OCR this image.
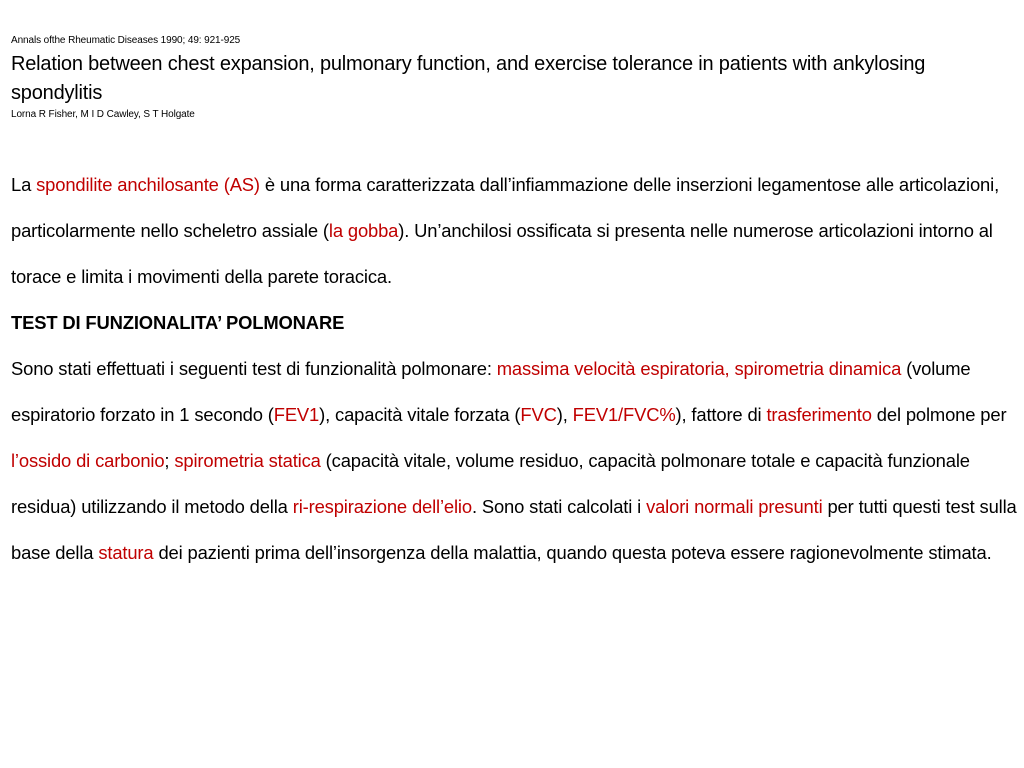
Annals ofthe Rheumatic Diseases 1990; 49: 921-925

Relation between chest expansion, pulmonary function, and exercise tolerance in patients with ankylosing spondylitis

Lorna R Fisher, M I D Cawley, S T Holgate

La spondilite anchilosante (AS) è una forma caratterizzata dall’infiammazione delle inserzioni legamentose alle articolazioni, particolarmente nello scheletro assiale (la gobba). Un’anchilosi ossificata si presenta nelle numerose articolazioni intorno al torace e limita i movimenti della parete toracica.

TEST DI FUNZIONALITA’ POLMONARE

Sono stati effettuati i seguenti test di funzionalità polmonare: massima velocità espiratoria, spirometria dinamica (volume espiratorio forzato in 1 secondo (FEV1), capacità vitale forzata (FVC), FEV1/FVC%), fattore di trasferimento del polmone per l’ossido di carbonio; spirometria statica (capacità vitale, volume residuo, capacità polmonare totale e capacità funzionale residua) utilizzando il metodo della ri-respirazione dell’elio. Sono stati calcolati i valori normali presunti per tutti questi test sulla base della statura dei pazienti prima dell’insorgenza della malattia, quando questa poteva essere ragionevolmente stimata.
